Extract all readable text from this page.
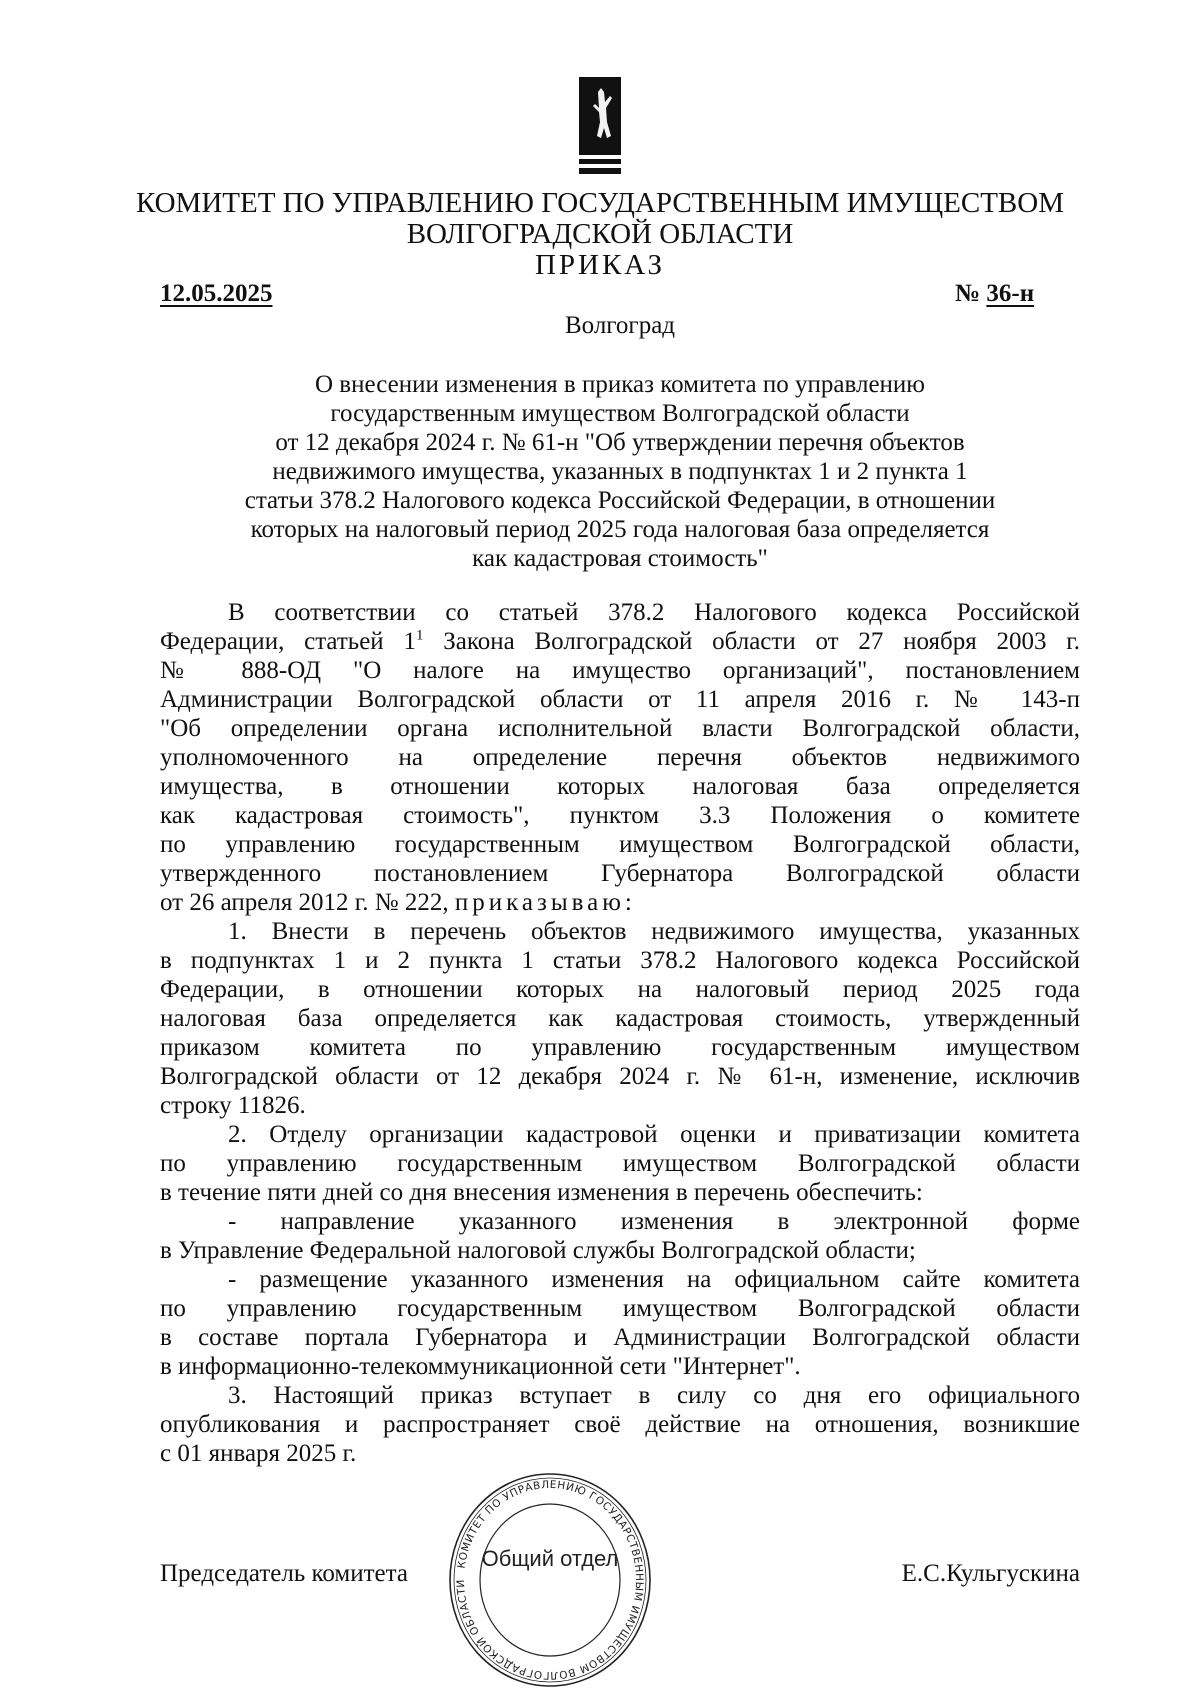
КОМИТЕТ ПО УПРАВЛЕНИЮ ГОСУДАРСТВЕННЫМ ИМУЩЕСТВОМ
ВОЛГОГРАДСКОЙ ОБЛАСТИ
ПРИКАЗ
12.05.2025	№ 36-н
Волгоград
О внесении изменения в приказ комитета по управлению
государственным имуществом Волгоградской области
от 12 декабря 2024 г. № 61-н "Об утверждении перечня объектов
недвижимого имущества, указанных в подпунктах 1 и 2 пункта 1
статьи 378.2 Налогового кодекса Российской Федерации, в отношении
которых на налоговый период 2025 года налоговая база определяется
как кадастровая стоимость"
В соответствии со статьей 378.2 Налогового кодекса Российской
Федерации, статьей $1^1$ Закона Волгоградской области от 27 ноября 2003 г.
№ 888-ОД "О налоге на имущество организаций", постановлением
Администрации Волгоградской области от 11 апреля 2016 г. № 143-п
"Об определении органа исполнительной власти Волгоградской области,
уполномоченного на определение перечня объектов недвижимого
имущества, в отношении которых налоговая база определяется
как кадастровая стоимость", пунктом 3.3 Положения о комитете
по управлению государственным имуществом Волгоградской области,
утвержденного постановлением Губернатора Волгоградской области
от 26 апреля 2012 г. № 222, приказываю:
1. Внести в перечень объектов недвижимого имущества, указанных
в подпунктах 1 и 2 пункта 1 статьи 378.2 Налогового кодекса Российской
Федерации, в отношении которых на налоговый период 2025 года
налоговая база определяется как кадастровая стоимость, утвержденный
приказом комитета по управлению государственным имуществом
Волгоградской области от 12 декабря 2024 г. № 61-н, изменение, исключив
строку 11826.
2. Отделу организации кадастровой оценки и приватизации комитета
по управлению государственным имуществом Волгоградской области
в течение пяти дней со дня внесения изменения в перечень обеспечить:
- направление указанного изменения в электронной форме
в Управление Федеральной налоговой службы Волгоградской области;
- размещение указанного изменения на официальном сайте комитета
по управлению государственным имуществом Волгоградской области
в составе портала Губернатора и Администрации Волгоградской области
в информационно-телекоммуникационной сети "Интернет".
3. Настоящий приказ вступает в силу со дня его официального
опубликования и распространяет своё действие на отношения, возникшие
с 01 января 2025 г.
КОМИТЕТ ПО УПРАВЛЕНИЮ ГОСУДАРСТВЕННЫМ ИМУЩЕСТВОМ ВОЛГОГРАДСКОЙ ОБЛАСТИ
Общий отдел
Председатель комитета	Е.С.Кульгускина
